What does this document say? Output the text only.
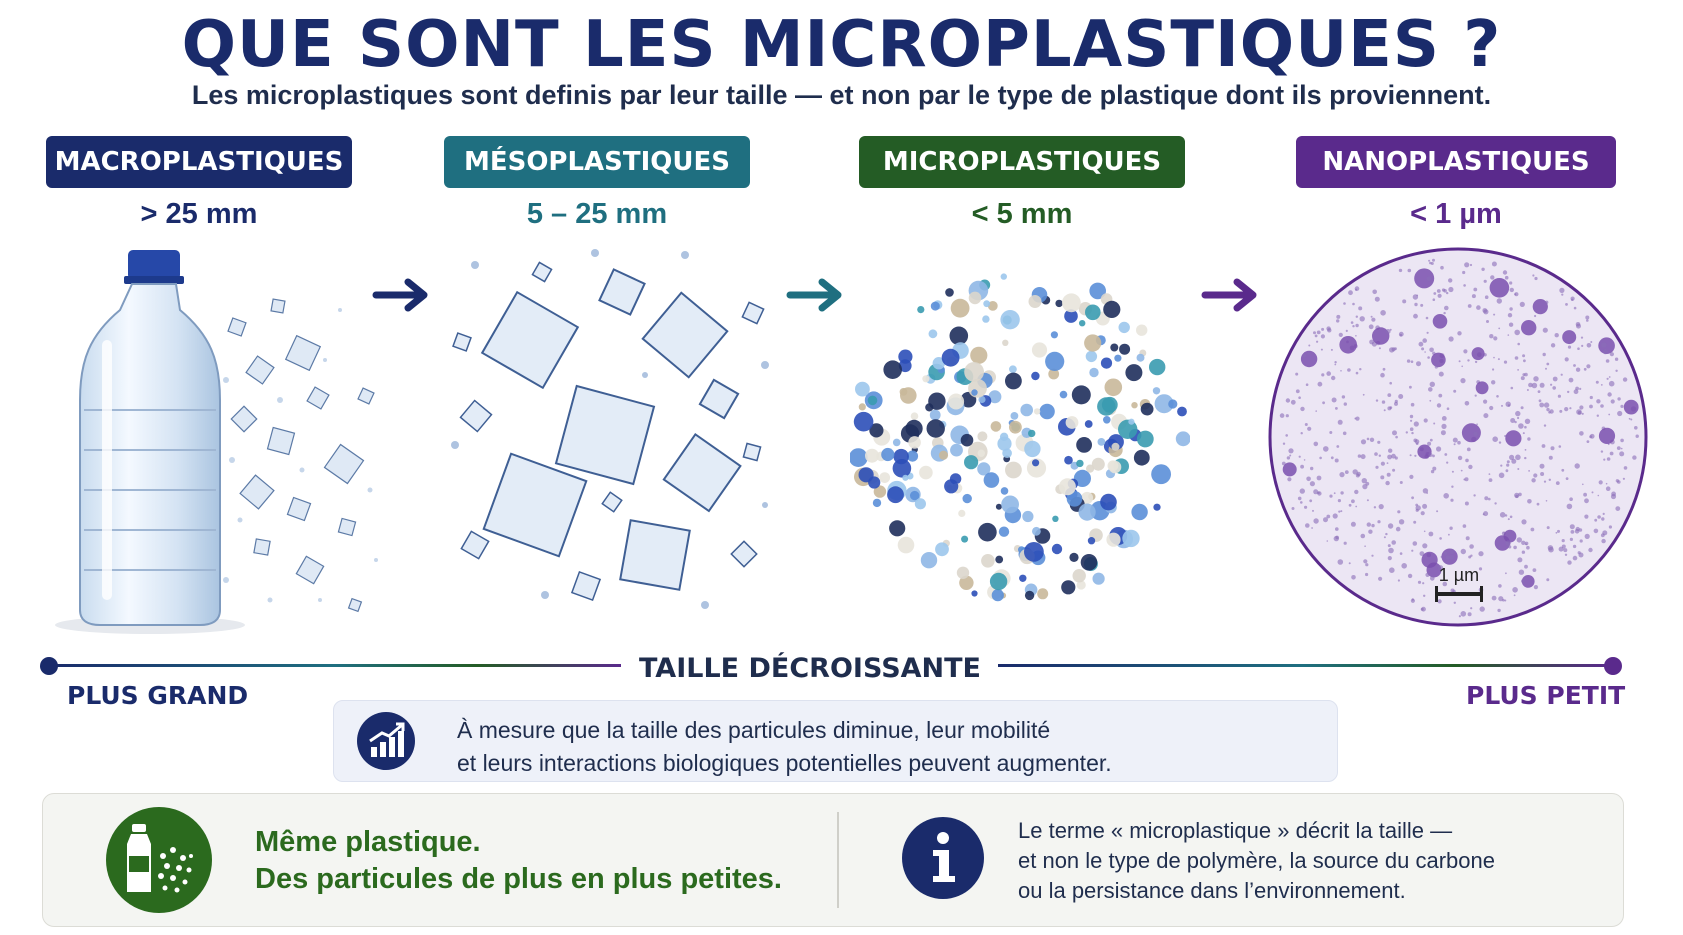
QUE SONT LES MICROPLASTIQUES ?
Les microplastiques sont definis par leur taille — et non par le type de plastique dont ils proviennent.
MACROPLASTIQUES
> 25 mm
MÉSOPLASTIQUES
5 – 25 mm
MICROPLASTIQUES
< 5 mm
NANOPLASTIQUES
< 1 µm
1 µm
TAILLE DÉCROISSANTE
PLUS GRAND	PLUS PETIT
À mesure que la taille des particules diminue, leur mobilité
et leurs interactions biologiques potentielles peuvent augmenter.
Même plastique.
Des particules de plus en plus petites.
Le terme « microplastique » décrit la taille —
et non le type de polymère, la source du carbone
ou la persistance dans l’environnement.
